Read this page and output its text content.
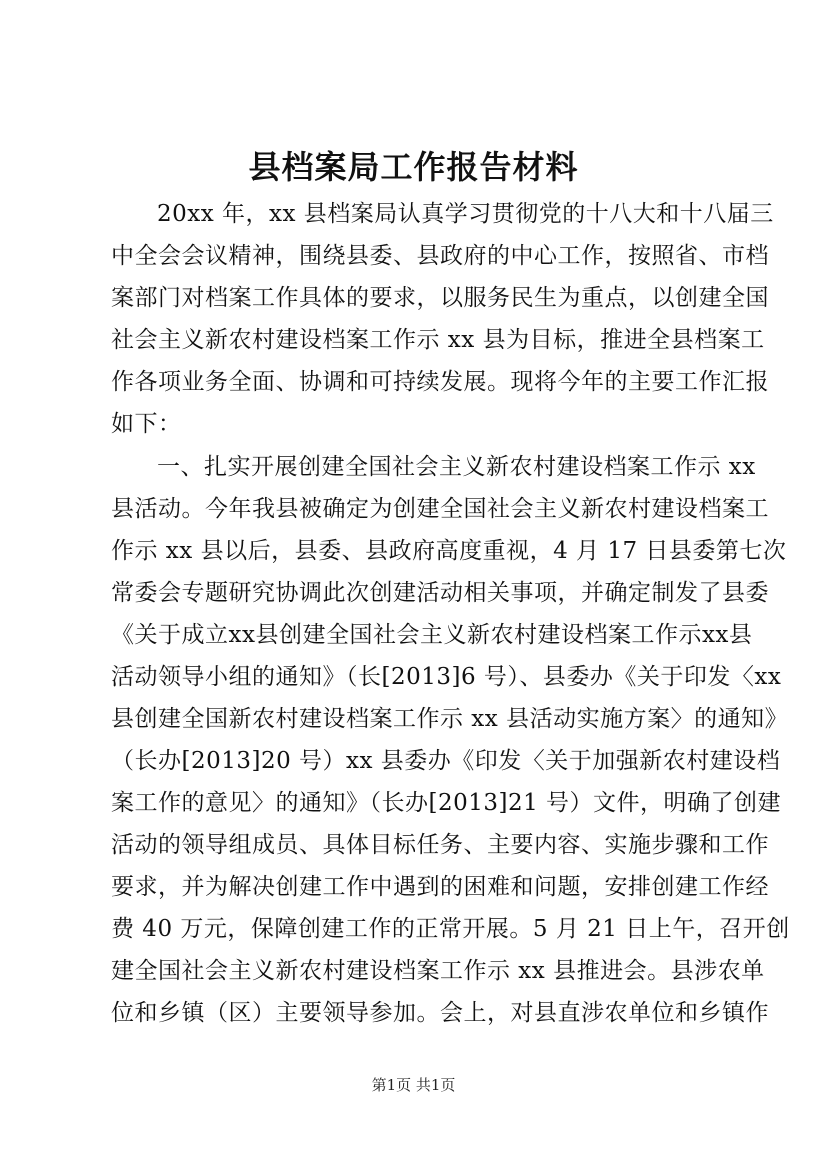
县档案局工作报告材料
20xx 年，xx 县档案局认真学习贯彻党的十八大和十八届三
中全会会议精神，围绕县委、县政府的中心工作，按照省、市档
案部门对档案工作具体的要求，以服务民生为重点，以创建全国
社会主义新农村建设档案工作示 xx 县为目标，推进全县档案工
作各项业务全面、协调和可持续发展。现将今年的主要工作汇报
如下：
一、扎实开展创建全国社会主义新农村建设档案工作示 xx
县活动。今年我县被确定为创建全国社会主义新农村建设档案工
作示 xx 县以后，县委、县政府高度重视，4 月 17 日县委第七次
常委会专题研究协调此次创建活动相关事项，并确定制发了县委
《关于成立xx县创建全国社会主义新农村建设档案工作示xx县
活动领导小组的通知》（长[2013]6 号）、县委办《关于印发〈xx
县创建全国新农村建设档案工作示 xx 县活动实施方案〉的通知》
（长办[2013]20 号）xx 县委办《印发〈关于加强新农村建设档
案工作的意见〉的通知》（长办[2013]21 号）文件，明确了创建
活动的领导组成员、具体目标任务、主要内容、实施步骤和工作
要求，并为解决创建工作中遇到的困难和问题，安排创建工作经
费 40 万元，保障创建工作的正常开展。5 月 21 日上午，召开创
建全国社会主义新农村建设档案工作示 xx 县推进会。县涉农单
位和乡镇（区）主要领导参加。会上，对县直涉农单位和乡镇作
第1页 共1页
